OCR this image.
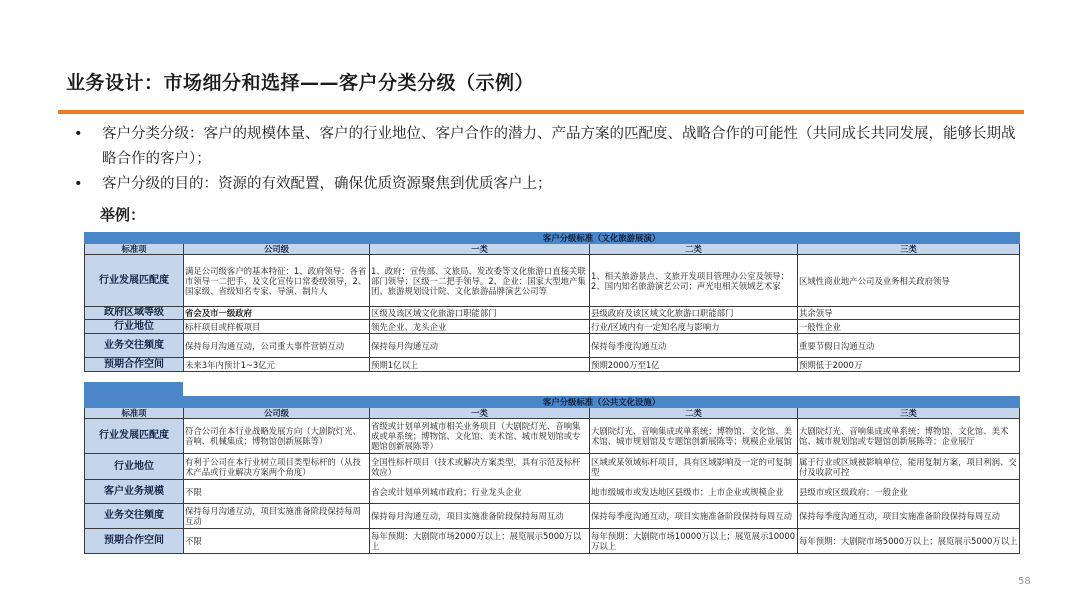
业务设计：市场细分和选择——客户分类分级（示例）
• 客户分类分级：客户的规模体量、客户的行业地位、客户合作的潜力、产品方案的匹配度、战略合作的可能性（共同成长共同发展，能够长期战略合作的客户）；
• 客户分级的目的：资源的有效配置，确保优质资源聚焦到优质客户上；
举例：
	客户分级标准（文化旅游展演）			
标准项	公司级	一类	二类	三类
行业发展匹配度	满足公司级客户的基本特征：1、政府领导：各省市领导一二把手、及文化宣传口常委级领导，2、国家级、省级知名专家、导演、制片人	1、政府：宣传部、文旅局、发改委等文化旅游口直接关联部门领导；区级一二把手领导。2、企业：国家大型地产集团、旅游规划设计院、文化旅游品牌演艺公司等	1、相关旅游景点、文旅开发项目管理办公室及领导；2、国内知名旅游演艺公司；声光电相关领域艺术家	区域性商业地产公司及业务相关政府领导
政府区域等级	省会及市一级政府	区级及该区域文化旅游口职能部门	县级政府及该区域文化旅游口职能部门	其余领导
行业地位	标杆项目或样板项目	领先企业、龙头企业	行业/区域内有一定知名度与影响力	一般性企业
业务交往频度	保持每月沟通互动，公司重大事件营销互动	保持每月沟通互动	保持每季度沟通互动	重要节假日沟通互动
预期合作空间	未来3年内预计1~3亿元	预期1亿以上	预期2000万至1亿	预期低于2000万
	客户分级标准（公共文化设施）			
标准项	公司级	一类	二类	三类
行业发展匹配度	符合公司在本行业战略发展方向（大剧院灯光、音响、机械集成；博物馆创新展陈等）	省级或计划单列城市相关业务项目（大剧院灯光、音响集成或单系统；博物馆、文化馆、美术馆、城市规划馆或专题馆创新展陈等）	大剧院灯光、音响集成或单系统；博物馆、文化馆、美术馆、城市规划馆及专题馆创新展陈等；规模企业展馆	大剧院灯光、音响集成或单系统；博物馆、文化馆、美术馆、城市规划馆或专题馆创新展陈等；企业展厅
行业地位	有利于公司在本行业树立项目类型标杆的（从技术产品或行业解决方案两个角度）	全国性标杆项目（技术或解决方案类型，具有示范及标杆效应）	区域或某领域标杆项目，具有区域影响及一定的可复制型	属于行业或区域被影响单位，能用复制方案，项目利润、交付及收款可控
客户业务规模	不限	省会或计划单列城市政府；行业龙头企业	地市级城市或发达地区县级市；上市企业或规模企业	县级市或区级政府；一般企业
业务交往频度	保持每月沟通互动，项目实施准备阶段保持每周互动	保持每月沟通互动，项目实施准备阶段保持每周互动	保持每季度沟通互动，项目实施准备阶段保持每周互动	保持每季度沟通互动，项目实施准备阶段保持每周互动
预期合作空间	不限	每年预期：大剧院市场2000万以上；展览展示5000万以上	每年预期：大剧院市场10000万以上；展览展示10000万以上	每年预期：大剧院市场5000万以上；展览展示5000万以上
58
